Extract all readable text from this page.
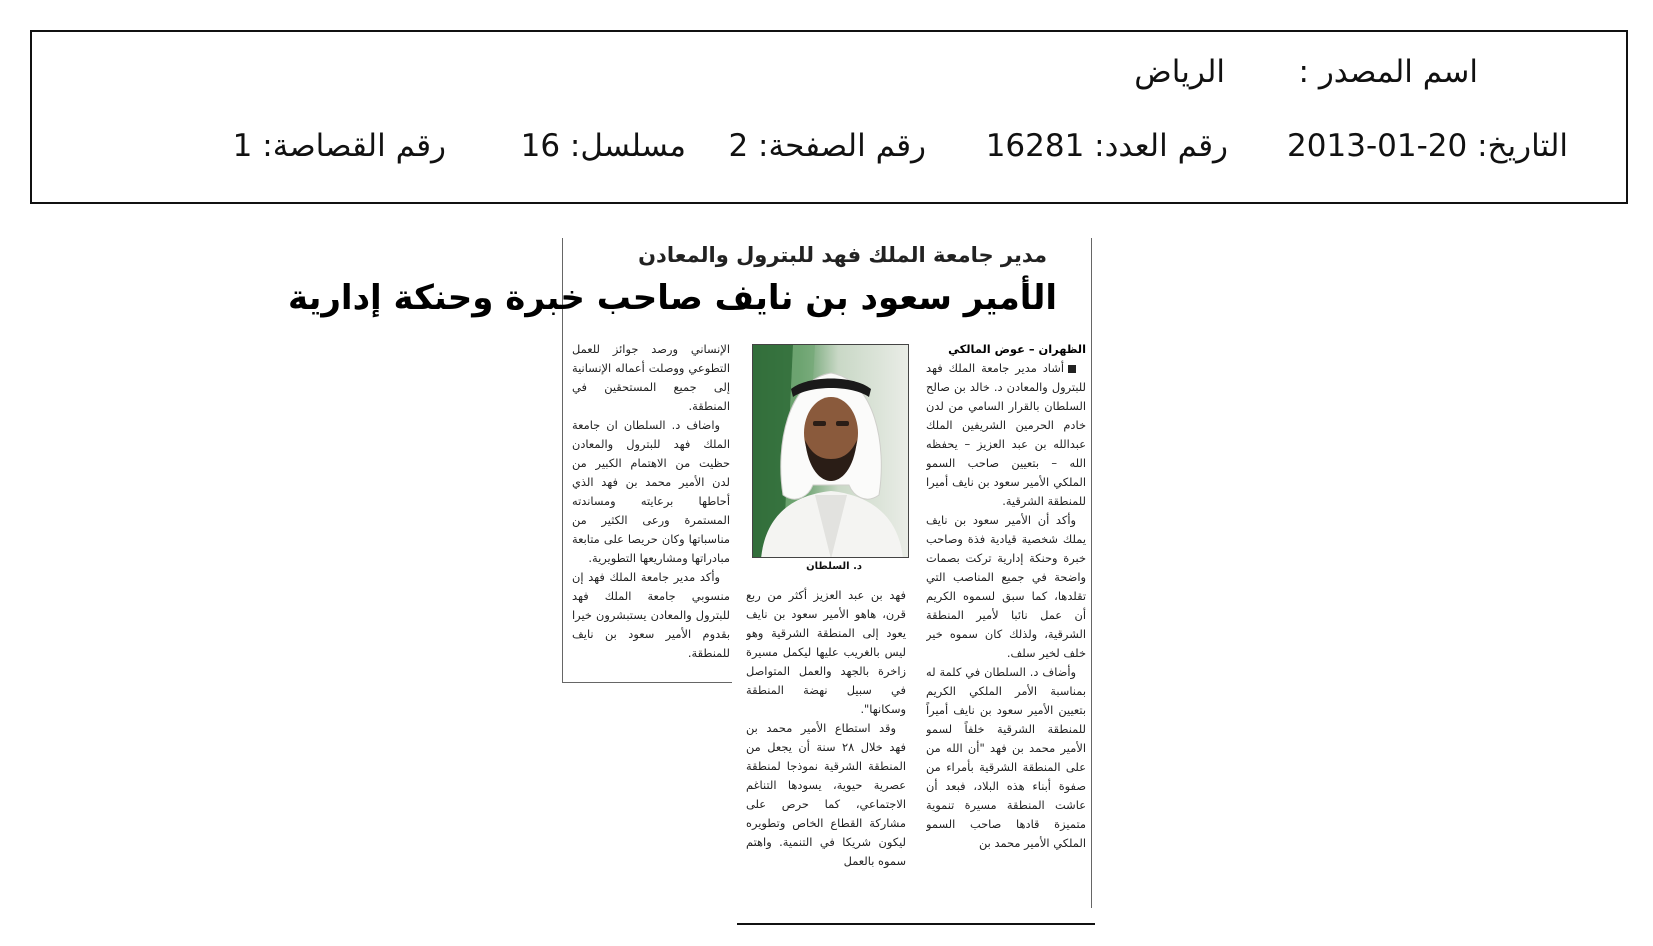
اسم المصدر :
الرياض
التاريخ: 20-01-2013
رقم العدد: 16281
رقم الصفحة: 2
مسلسل: 16
رقم القصاصة: 1
مدير جامعة الملك فهد للبترول والمعادن
الأمير سعود بن نايف صاحب خبرة وحنكة إدارية

الظهران – عوض المالكي

أشاد مدير جامعة الملك فهد للبترول والمعادن د. خالد بن صالح السلطان بالقرار السامي من لدن خادم الحرمين الشريفين الملك عبدالله بن عبد العزيز – يحفظه الله – بتعيين صاحب السمو الملكي الأمير سعود بن نايف أميرا للمنطقة الشرقية.

وأكد أن الأمير سعود بن نايف يملك شخصية قيادية فذة وصاحب خبرة وحنكة إدارية تركت بصمات واضحة في جميع المناصب التي تقلدها، كما سبق لسموه الكريم أن عمل نائبا لأمير المنطقة الشرقية، ولذلك كان سموه خير خلف لخير سلف.

وأضاف د. السلطان في كلمة له بمناسبة الأمر الملكي الكريم بتعيين الأمير سعود بن نايف أميراً للمنطقة الشرقية خلفاً لسمو الأمير محمد بن فهد "أن الله من على المنطقة الشرقية بأمراء من صفوة أبناء هذه البلاد، فبعد أن عاشت المنطقة مسيرة تنموية متميزة قادها صاحب السمو الملكي الأمير محمد بن

د. السلطان

فهد بن عبد العزيز أكثر من ربع قرن، هاهو الأمير سعود بن نايف يعود إلى المنطقة الشرقية وهو ليس بالغريب عليها ليكمل مسيرة زاخرة بالجهد والعمل المتواصل في سبيل نهضة المنطقة وسكانها".

وقد استطاع الأمير محمد بن فهد خلال ٢٨ سنة أن يجعل من المنطقة الشرقية نموذجا لمنطقة عصرية حيوية، يسودها التناغم الاجتماعي، كما حرص على مشاركة القطاع الخاص وتطويره ليكون شريكا في التنمية. واهتم سموه بالعمل

الإنساني ورصد جوائز للعمل التطوعي ووصلت أعماله الإنسانية إلى جميع المستحقين في المنطقة.

واضاف د. السلطان ان جامعة الملك فهد للبترول والمعادن حظيت من الاهتمام الكبير من لدن الأمير محمد بن فهد الذي أحاطها برعايته ومساندته المستمرة ورعى الكثير من مناسباتها وكان حريصا على متابعة مبادراتها ومشاريعها التطويرية.

وأكد مدير جامعة الملك فهد إن منسوبي جامعة الملك فهد للبترول والمعادن يستبشرون خيرا بقدوم الأمير سعود بن نايف للمنطقة.
